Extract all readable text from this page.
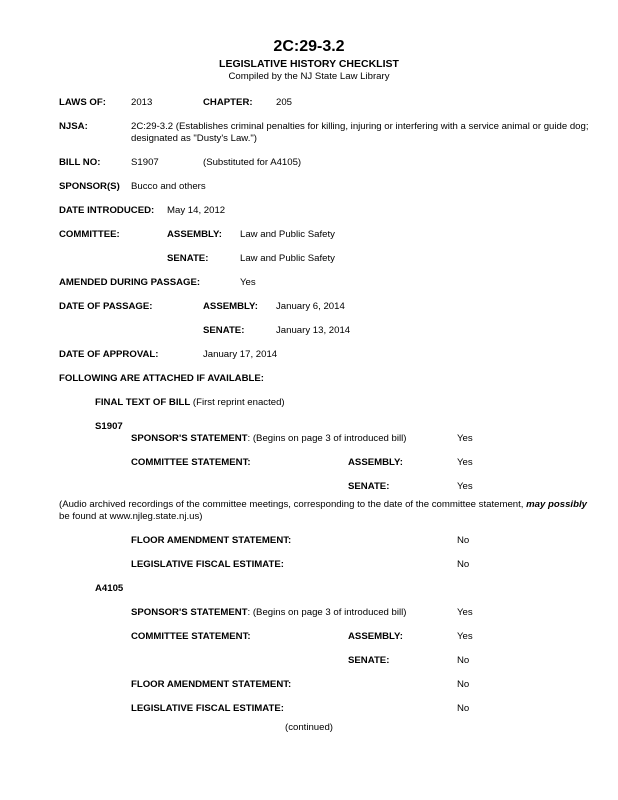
2C:29-3.2
LEGISLATIVE HISTORY CHECKLIST
Compiled by the NJ State Law Library
LAWS OF:	2013	CHAPTER: 205
NJSA:	2C:29-3.2 (Establishes criminal penalties for killing, injuring or interfering with a service animal or guide dog;
designated as "Dusty's Law.")
BILL NO:	S1907	(Substituted for A4105)
SPONSOR(S) Bucco and others
DATE INTRODUCED: May 14, 2012
COMMITTEE:	ASSEMBLY: Law and Public Safety
SENATE:	Law and Public Safety
AMENDED DURING PASSAGE:	Yes
DATE OF PASSAGE:	ASSEMBLY: January 6, 2014
SENATE:	January 13, 2014
DATE OF APPROVAL:	January 17, 2014
FOLLOWING ARE ATTACHED IF AVAILABLE:
FINAL TEXT OF BILL (First reprint enacted)
S1907
SPONSOR'S STATEMENT: (Begins on page 3 of introduced bill)	Yes
COMMITTEE STATEMENT:	ASSEMBLY:	Yes
SENATE:	Yes
(Audio archived recordings of the committee meetings, corresponding to the date of the committee statement, may possibly
be found at www.njleg.state.nj.us)
FLOOR AMENDMENT STATEMENT:	No
LEGISLATIVE FISCAL ESTIMATE:	No
A4105
SPONSOR'S STATEMENT: (Begins on page 3 of introduced bill)	Yes
COMMITTEE STATEMENT:	ASSEMBLY:	Yes
SENATE:	No
FLOOR AMENDMENT STATEMENT:	No
LEGISLATIVE FISCAL ESTIMATE:	No
(continued)
